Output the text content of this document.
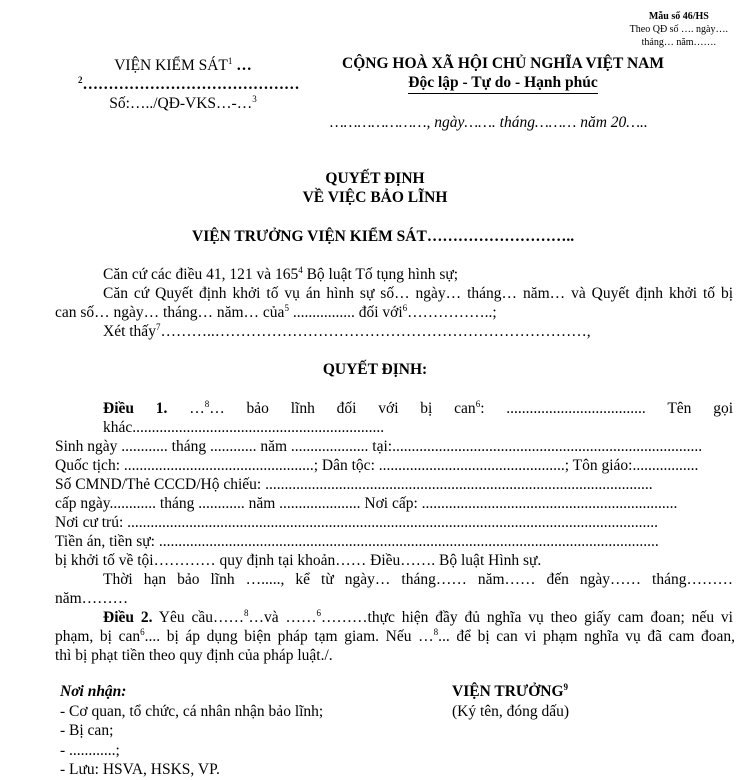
Mẫu số 46/HS
Theo QĐ số …. ngày….
tháng… năm…….
VIỆN KIỂM SÁT$^1$ …
$^2$……………………………………
Số:…../QĐ-VKS…-…$^3$
CỘNG HOÀ XÃ HỘI CHỦ NGHĨA VIỆT NAM
Độc lập - Tự do - Hạnh phúc
…………………, ngày……. tháng……… năm 20…..
QUYẾT ĐỊNH
VỀ VIỆC BẢO LĨNH
VIỆN TRƯỞNG VIỆN KIỂM SÁT………………………..
Căn cứ các điều 41, 121 và $165^4$ Bộ luật Tố tụng hình sự;
Căn cứ Quyết định khởi tố vụ án hình sự số… ngày… tháng… năm… và Quyết định khởi tố bị
can số… ngày… tháng… năm… của$^5$ ................ đối với$^6$……………..;
Xét thấy$^7$………..………………………………………………………………,
QUYẾT ĐỊNH:
Điều 1. …$^8$… bảo lĩnh đối với bị can$^6$: .................................... Tên gọi
khác.................................................................
Sinh ngày ............ tháng ............ năm .................... tại:................................................................................
Quốc tịch: .................................................; Dân tộc: ................................................; Tôn giáo:.................
Số CMND/Thẻ CCCD/Hộ chiếu: ....................................................................................................
cấp ngày............ tháng ............ năm ..................... Nơi cấp: ..................................................................
Nơi cư trú: .........................................................................................................................................
Tiền án, tiền sự: .................................................................................................................................
bị khởi tố về tội………… quy định tại khoản…… Điều……. Bộ luật Hình sự.
Thời hạn bảo lĩnh …....., kể từ ngày… tháng…… năm…… đến ngày…… tháng………
năm………
Điều 2. Yêu cầu……$^8$…và ……$^6$………thực hiện đầy đủ nghĩa vụ theo giấy cam đoan; nếu vi
phạm, bị can$^6$.... bị áp dụng biện pháp tạm giam. Nếu …$^8$... để bị can vi phạm nghĩa vụ đã cam đoan,
thì bị phạt tiền theo quy định của pháp luật./.
Nơi nhận:
- Cơ quan, tổ chức, cá nhân nhận bảo lĩnh;
- Bị can;
- ............;
- Lưu: HSVA, HSKS, VP.
VIỆN TRƯỞNG$^9$
(Ký tên, đóng dấu)
